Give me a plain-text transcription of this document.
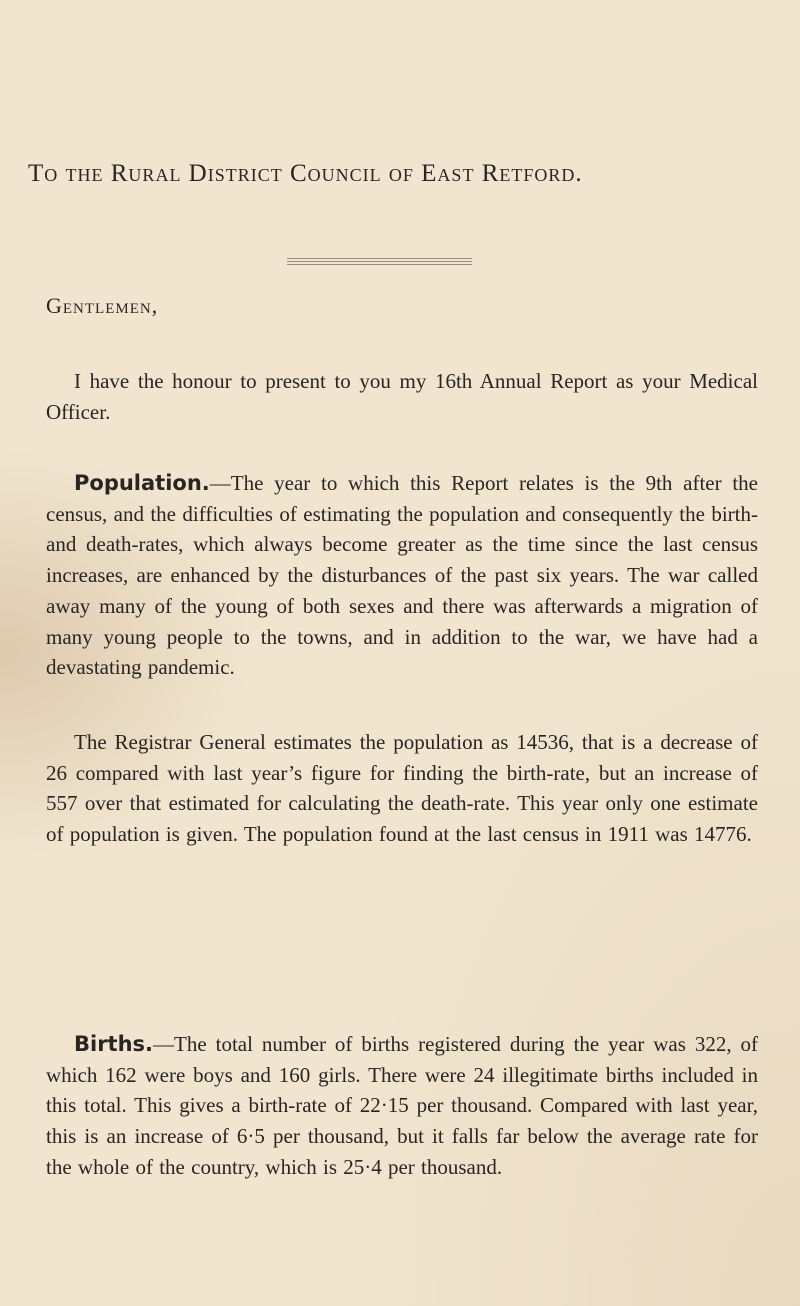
To the Rural District Council of East Retford.

Gentlemen,

I have the honour to present to you my 16th Annual Report as your Medical Officer.

Population.—The year to which this Report relates is the 9th after the census, and the difficulties of estimating the population and consequently the birth- and death-rates, which always become greater as the time since the last census increases, are enhanced by the disturbances of the past six years. The war called away many of the young of both sexes and there was afterwards a migration of many young people to the towns, and in addition to the war, we have had a devastating pandemic.

The Registrar General estimates the population as 14536, that is a decrease of 26 compared with last year’s figure for finding the birth-rate, but an increase of 557 over that estimated for calculating the death-rate. This year only one estimate of population is given. The population found at the last census in 1911 was 14776.

Births.—The total number of births registered during the year was 322, of which 162 were boys and 160 girls. There were 24 illegitimate births included in this total. This gives a birth-rate of 22·15 per thousand. Compared with last year, this is an increase of 6·5 per thousand, but it falls far below the average rate for the whole of the country, which is 25·4 per thousand.
